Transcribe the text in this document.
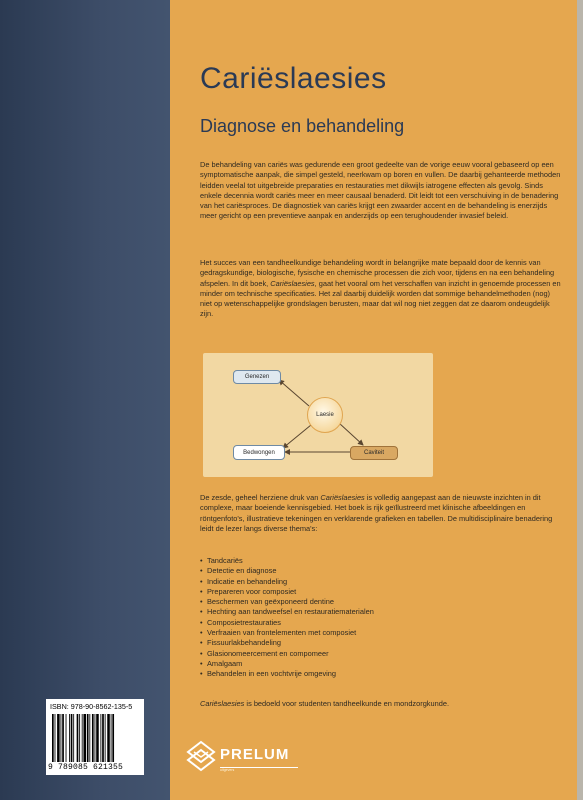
Cariëslaesies
Diagnose en behandeling

De behandeling van cariës was gedurende een groot gedeelte van de vorige eeuw vooral gebaseerd op een symptomatische aanpak, die simpel gesteld, neerkwam op boren en vullen. De daarbij gehanteerde methoden leidden veelal tot uitgebreide preparaties en restauraties met dikwijls iatrogene effecten als gevolg. Sinds enkele decennia wordt cariës meer en meer causaal benaderd. Dit leidt tot een verschuiving in de benadering van het cariësproces. De diagnostiek van cariës krijgt een zwaarder accent en de behandeling is enerzijds meer gericht op een preventieve aanpak en anderzijds op een terughoudender invasief beleid.

Het succes van een tandheelkundige behandeling wordt in belangrijke mate bepaald door de kennis van gedragskundige, biologische, fysische en chemische processen die zich voor, tijdens en na een behandeling afspelen. In dit boek, Cariëslaesies, gaat het vooral om het verschaffen van inzicht in genoemde processen en minder om technische specificaties. Het zal daarbij duidelijk worden dat sommige behandelmethoden (nog) niet op wetenschappelijke grondslagen berusten, maar dat wil nog niet zeggen dat ze daarom ondeugdelijk zijn.

Genezen
Laesie
Bedwongen	Caviteit

De zesde, geheel herziene druk van Cariëslaesies is volledig aangepast aan de nieuwste inzichten in dit complexe, maar boeiende kennisgebied. Het boek is rijk geïllustreerd met klinische afbeeldingen en röntgenfoto's, illustratieve tekeningen en verklarende grafieken en tabellen. De multidisciplinaire benadering leidt de lezer langs diverse thema's:

• Tandcariës
• Detectie en diagnose
• Indicatie en behandeling
• Prepareren voor composiet
• Beschermen van geëxponeerd dentine
• Hechting aan tandweefsel en restauratiematerialen
• Composietrestauraties
• Verfraaien van frontelementen met composiet
• Fissuurlakbehandeling
• Glasionomeercement en compomeer
• Amalgaam
• Behandelen in een vochtvrije omgeving

Cariëslaesies is bedoeld voor studenten tandheelkunde en mondzorgkunde.

ISBN: 978-90-8562-135-5
9 789085 621355
PRELUM
uitgevers
